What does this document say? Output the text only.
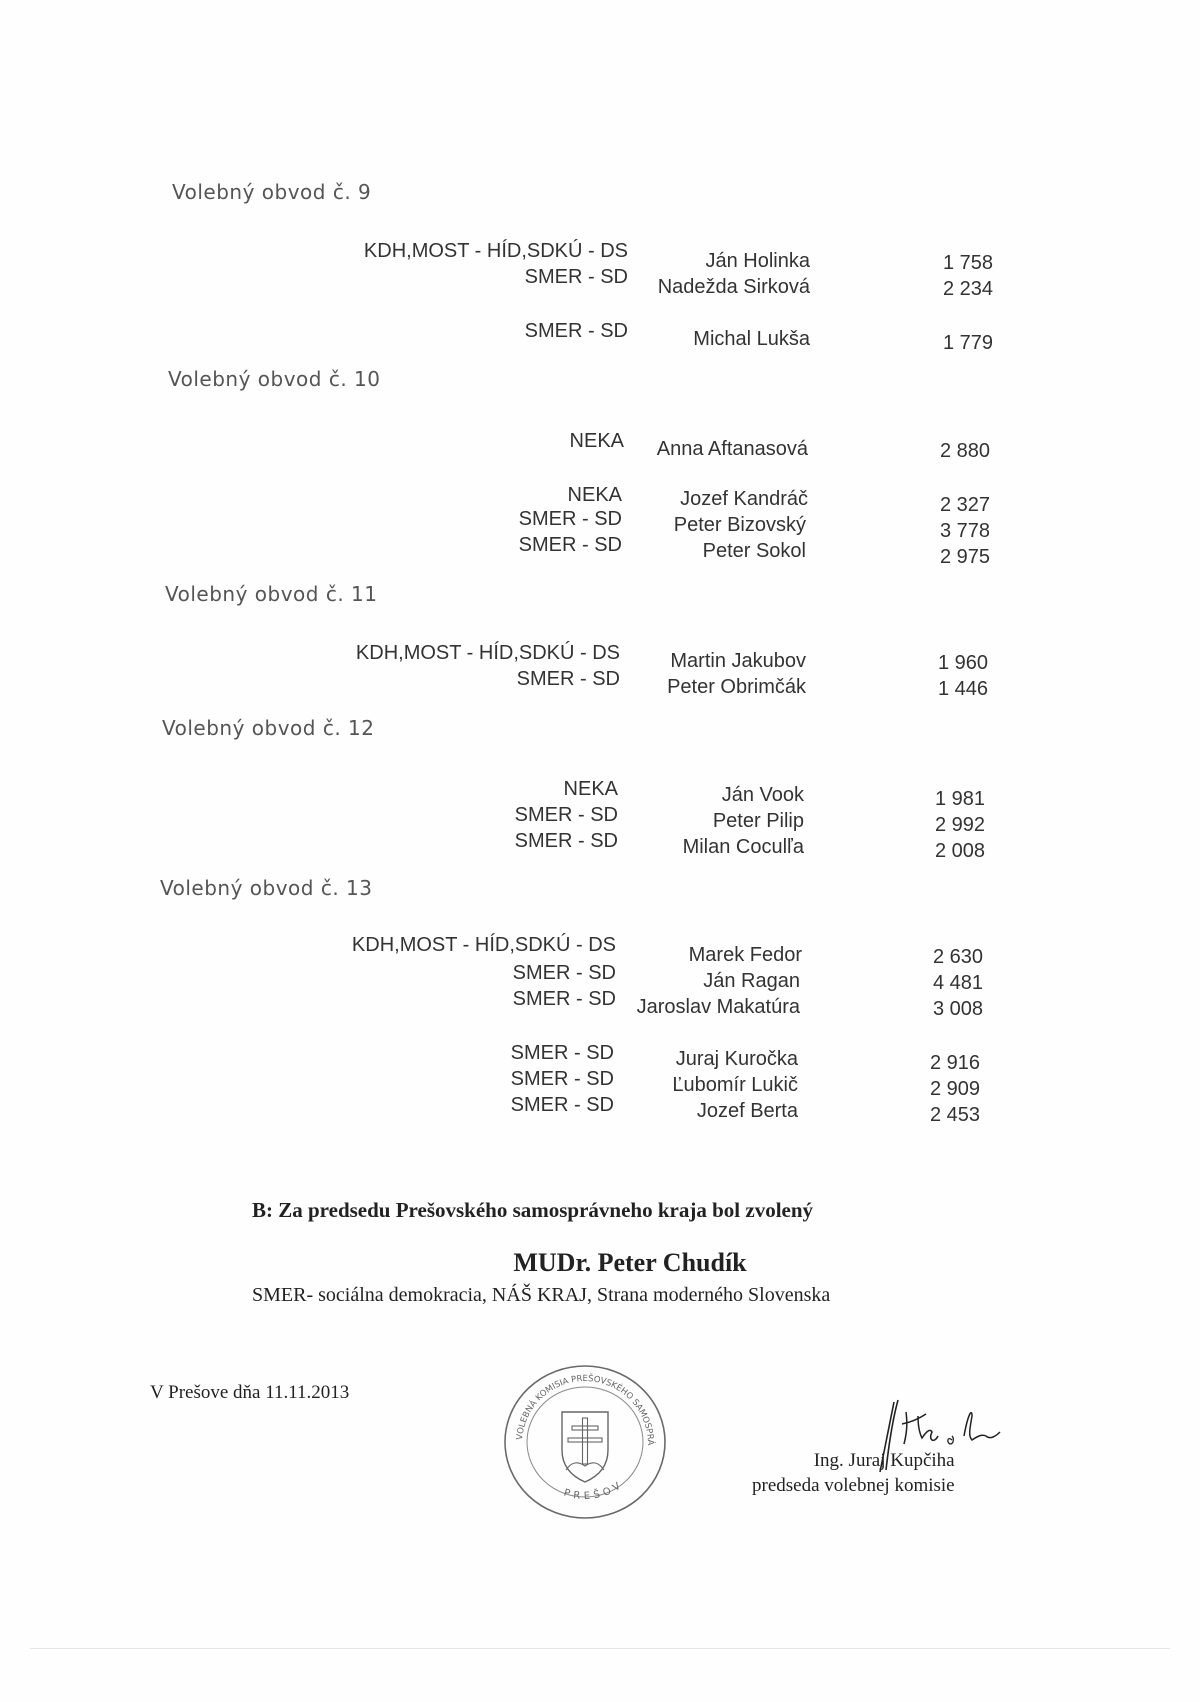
Volebný obvod č. 9
KDH,MOST - HÍD,SDKÚ - DS	Ján Holinka	1 758
SMER - SD	Nadežda Sirková	2 234
SMER - SD	Michal Lukša	1 779
Volebný obvod č. 10
NEKA	Anna Aftanasová	2 880
NEKA	Jozef Kandráč	2 327
SMER - SD	Peter Bizovský	3 778
SMER - SD	Peter Sokol	2 975
Volebný obvod č. 11
KDH,MOST - HÍD,SDKÚ - DS	Martin Jakubov	1 960
SMER - SD	Peter Obrimčák	1 446
Volebný obvod č. 12
NEKA	Ján Vook	1 981
SMER - SD	Peter Pilip	2 992
SMER - SD	Milan Coculľa	2 008
Volebný obvod č. 13
KDH,MOST - HÍD,SDKÚ - DS	Marek Fedor	2 630
SMER - SD	Ján Ragan	4 481
SMER - SD	Jaroslav Makatúra	3 008
SMER - SD	Juraj Kuročka	2 916
SMER - SD	Ľubomír Lukič	2 909
SMER - SD	Jozef Berta	2 453
B: Za predsedu Prešovského samosprávneho kraja bol zvolený
MUDr. Peter Chudík
SMER- sociálna demokracia, NÁŠ KRAJ, Strana moderného Slovenska
V Prešove dňa 11.11.2013
VOLEBNÁ KOMISIA PREŠOVSKÉHO SAMOSPRÁ
PREŠOV
Ing. Juraj Kupčiha
predseda volebnej komisie
